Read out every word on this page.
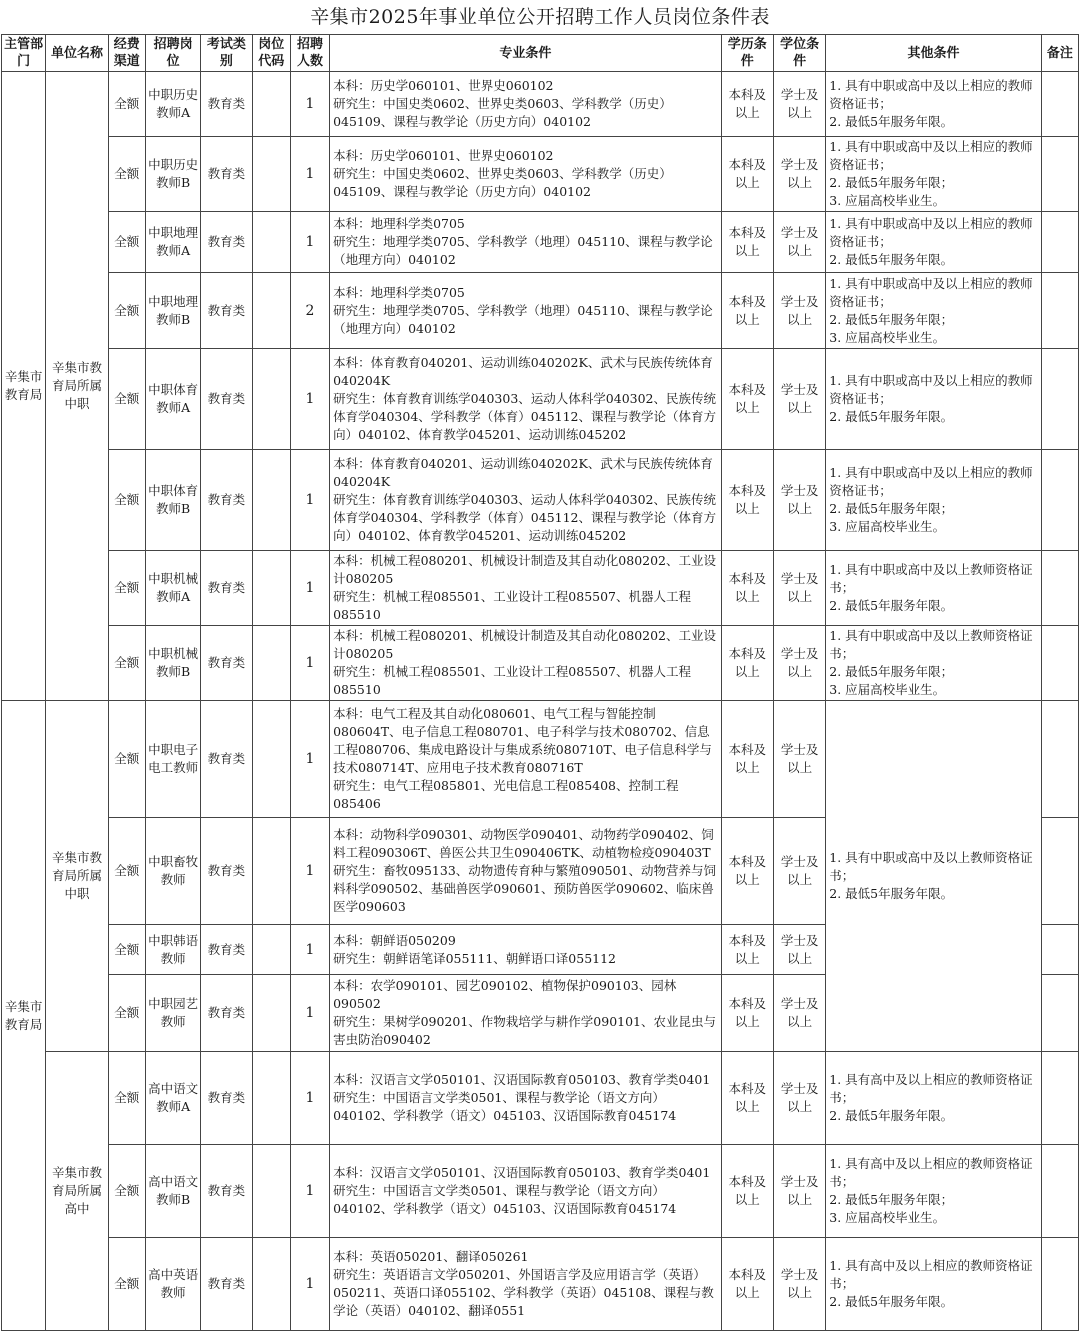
辛集市2025年事业单位公开招聘工作人员岗位条件表
主管部门	单位名称	经费渠道	招聘岗位	考试类别	岗位代码	招聘人数	专业条件	学历条件	学位条件	其他条件	备注
辛集市教育局	辛集市教育局所属中职	全额	中职历史教师A	教育类		1	本科：历史学060101、世界史060102
研究生：中国史类0602、世界史类0603、学科教学（历史）045109、课程与教学论（历史方向）040102	本科及以上	学士及以上	1. 具有中职或高中及以上相应的教师资格证书；
2. 最低5年服务年限。	

		全额	中职历史教师B	教育类		1	本科：历史学060101、世界史060102
研究生：中国史类0602、世界史类0603、学科教学（历史）045109、课程与教学论（历史方向）040102	本科及以上	学士及以上	1. 具有中职或高中及以上相应的教师资格证书；
2. 最低5年服务年限；
3. 应届高校毕业生。	

		全额	中职地理教师A	教育类		1	本科：地理科学类0705
研究生：地理学类0705、学科教学（地理）045110、课程与教学论（地理方向）040102	本科及以上	学士及以上	1. 具有中职或高中及以上相应的教师资格证书；
2. 最低5年服务年限。	

		全额	中职地理教师B	教育类		2	本科：地理科学类0705
研究生：地理学类0705、学科教学（地理）045110、课程与教学论（地理方向）040102	本科及以上	学士及以上	1. 具有中职或高中及以上相应的教师资格证书；
2. 最低5年服务年限；
3. 应届高校毕业生。	

		全额	中职体育教师A	教育类		1	本科：体育教育040201、运动训练040202K、武术与民族传统体育040204K
研究生：体育教育训练学040303、运动人体科学040302、民族传统体育学040304、学科教学（体育）045112、课程与教学论（体育方向）040102、体育教学045201、运动训练045202	本科及以上	学士及以上	1. 具有中职或高中及以上相应的教师资格证书；
2. 最低5年服务年限。	

		全额	中职体育教师B	教育类		1	本科：体育教育040201、运动训练040202K、武术与民族传统体育040204K
研究生：体育教育训练学040303、运动人体科学040302、民族传统体育学040304、学科教学（体育）045112、课程与教学论（体育方向）040102、体育教学045201、运动训练045202	本科及以上	学士及以上	1. 具有中职或高中及以上相应的教师资格证书；
2. 最低5年服务年限；
3. 应届高校毕业生。	

		全额	中职机械教师A	教育类		1	本科：机械工程080201、机械设计制造及其自动化080202、工业设计080205
研究生：机械工程085501、工业设计工程085507、机器人工程085510	本科及以上	学士及以上	1. 具有中职或高中及以上教师资格证书；
2. 最低5年服务年限。	

		全额	中职机械教师B	教育类		1	本科：机械工程080201、机械设计制造及其自动化080202、工业设计080205
研究生：机械工程085501、工业设计工程085507、机器人工程085510	本科及以上	学士及以上	1. 具有中职或高中及以上教师资格证书；
2. 最低5年服务年限；
3. 应届高校毕业生。	

辛集市教育局	辛集市教育局所属中职	全额	中职电子电工教师	教育类		1	本科：电气工程及其自动化080601、电气工程与智能控制080604T、电子信息工程080701、电子科学与技术080702、信息工程080706、集成电路设计与集成系统080710T、电子信息科学与技术080714T、应用电子技术教育080716T
研究生：电气工程085801、光电信息工程085408、控制工程085406	本科及以上	学士及以上	1. 具有中职或高中及以上教师资格证书；
2. 最低5年服务年限。	

		全额	中职畜牧教师	教育类		1	本科：动物科学090301、动物医学090401、动物药学090402、饲料工程090306T、兽医公共卫生090406TK、动植物检疫090403T
研究生：畜牧095133、动物遗传育种与繁殖090501、动物营养与饲料科学090502、基础兽医学090601、预防兽医学090602、临床兽医学090603	本科及以上	学士及以上		
		全额	中职韩语教师	教育类		1	本科：朝鲜语050209
研究生：朝鲜语笔译055111、朝鲜语口译055112	本科及以上	学士及以上		
		全额	中职园艺教师	教育类		1	本科：农学090101、园艺090102、植物保护090103、园林090502
研究生：果树学090201、作物栽培学与耕作学090101、农业昆虫与害虫防治090402	本科及以上	学士及以上		
	辛集市教育局所属高中	全额	高中语文教师A	教育类		1	本科：汉语言文学050101、汉语国际教育050103、教育学类0401
研究生：中国语言文学类0501、课程与教学论（语文方向）040102、学科教学（语文）045103、汉语国际教育045174	本科及以上	学士及以上	1. 具有高中及以上相应的教师资格证书；
2. 最低5年服务年限。	

		全额	高中语文教师B	教育类		1	本科：汉语言文学050101、汉语国际教育050103、教育学类0401
研究生：中国语言文学类0501、课程与教学论（语文方向）040102、学科教学（语文）045103、汉语国际教育045174	本科及以上	学士及以上	1. 具有高中及以上相应的教师资格证书；
2. 最低5年服务年限；
3. 应届高校毕业生。	

		全额	高中英语教师	教育类		1	本科：英语050201、翻译050261
研究生：英语语言文学050201、外国语言学及应用语言学（英语）050211、英语口译055102、学科教学（英语）045108、课程与教学论（英语）040102、翻译0551	本科及以上	学士及以上	1. 具有高中及以上相应的教师资格证书；
2. 最低5年服务年限。	
